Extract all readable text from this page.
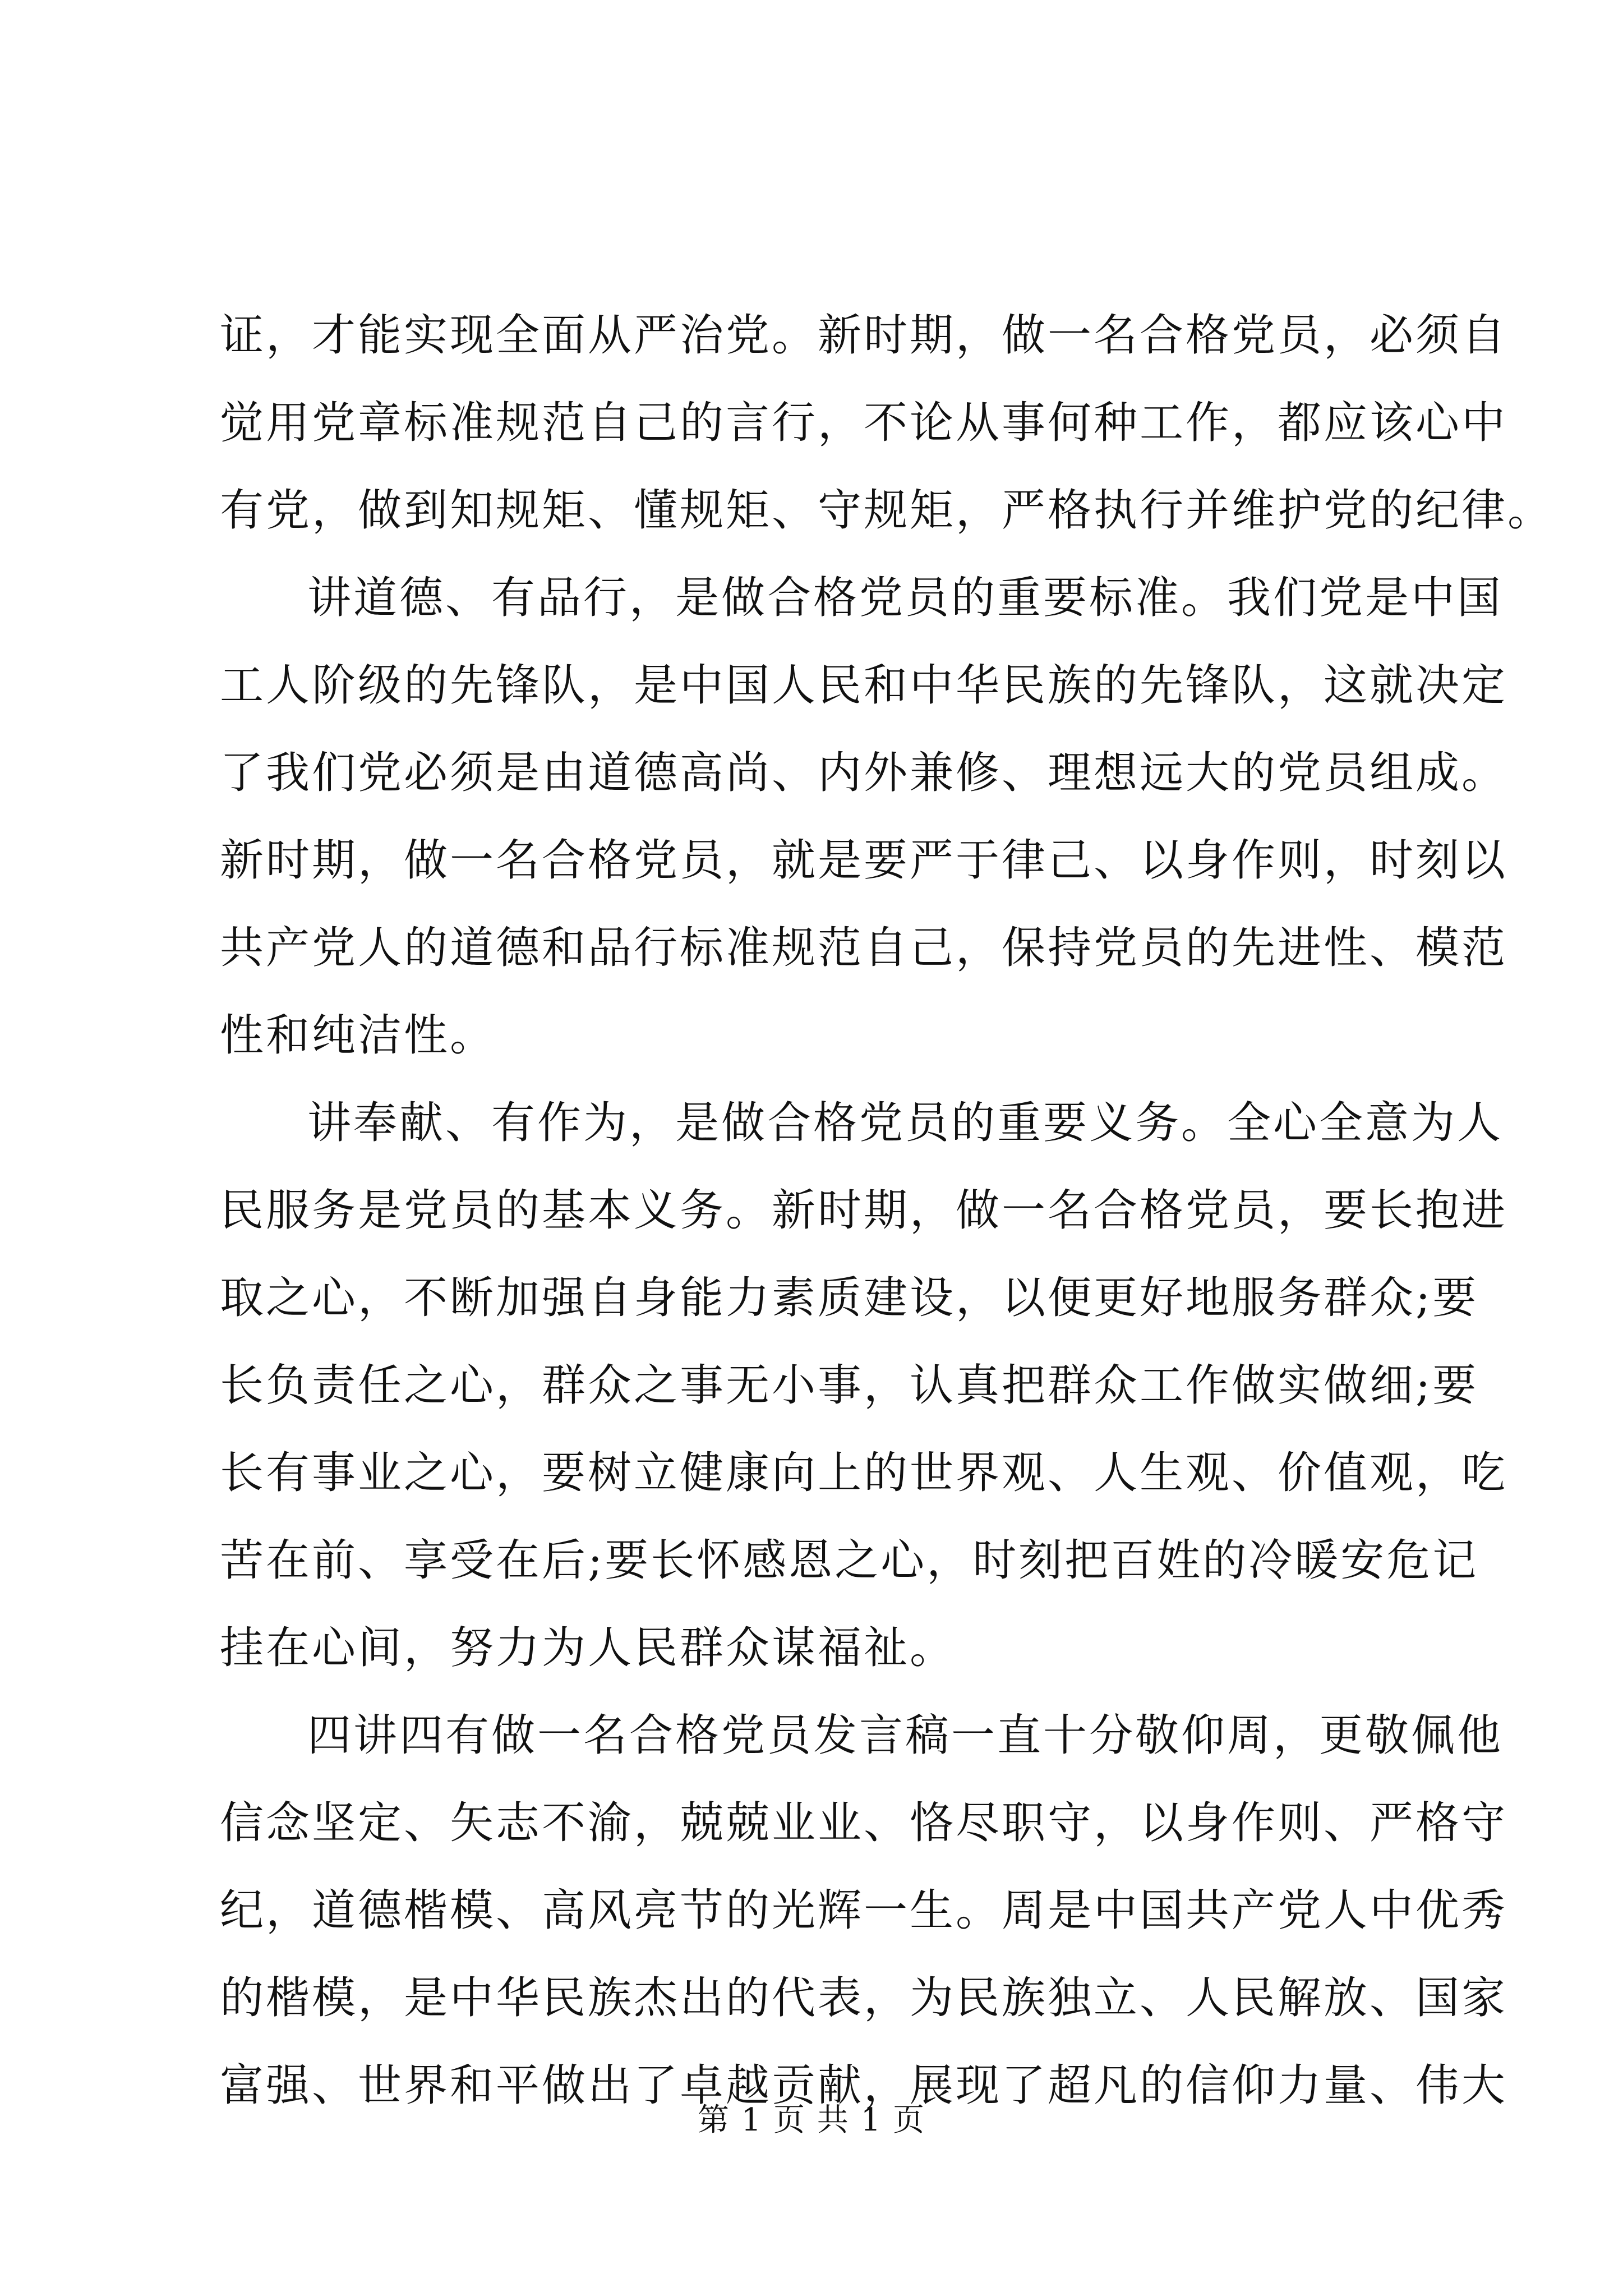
证，才能实现全面从严治党。新时期，做一名合格党员，必须自
觉用党章标准规范自己的言行，不论从事何种工作，都应该心中
有党，做到知规矩、懂规矩、守规矩，严格执行并维护党的纪律。
讲道德、有品行，是做合格党员的重要标准。我们党是中国
工人阶级的先锋队，是中国人民和中华民族的先锋队，这就决定
了我们党必须是由道德高尚、内外兼修、理想远大的党员组成。
新时期，做一名合格党员，就是要严于律己、以身作则，时刻以
共产党人的道德和品行标准规范自己，保持党员的先进性、模范
性和纯洁性。
讲奉献、有作为，是做合格党员的重要义务。全心全意为人
民服务是党员的基本义务。新时期，做一名合格党员，要长抱进
取之心，不断加强自身能力素质建设，以便更好地服务群众;要
长负责任之心，群众之事无小事，认真把群众工作做实做细;要
长有事业之心，要树立健康向上的世界观、人生观、价值观，吃
苦在前、享受在后;要长怀感恩之心，时刻把百姓的冷暖安危记
挂在心间，努力为人民群众谋福祉。
四讲四有做一名合格党员发言稿一直十分敬仰周，更敬佩他
信念坚定、矢志不渝，兢兢业业、恪尽职守，以身作则、严格守
纪，道德楷模、高风亮节的光辉一生。周是中国共产党人中优秀
的楷模，是中华民族杰出的代表，为民族独立、人民解放、国家
富强、世界和平做出了卓越贡献，展现了超凡的信仰力量、伟大
第 1 页 共 1 页
